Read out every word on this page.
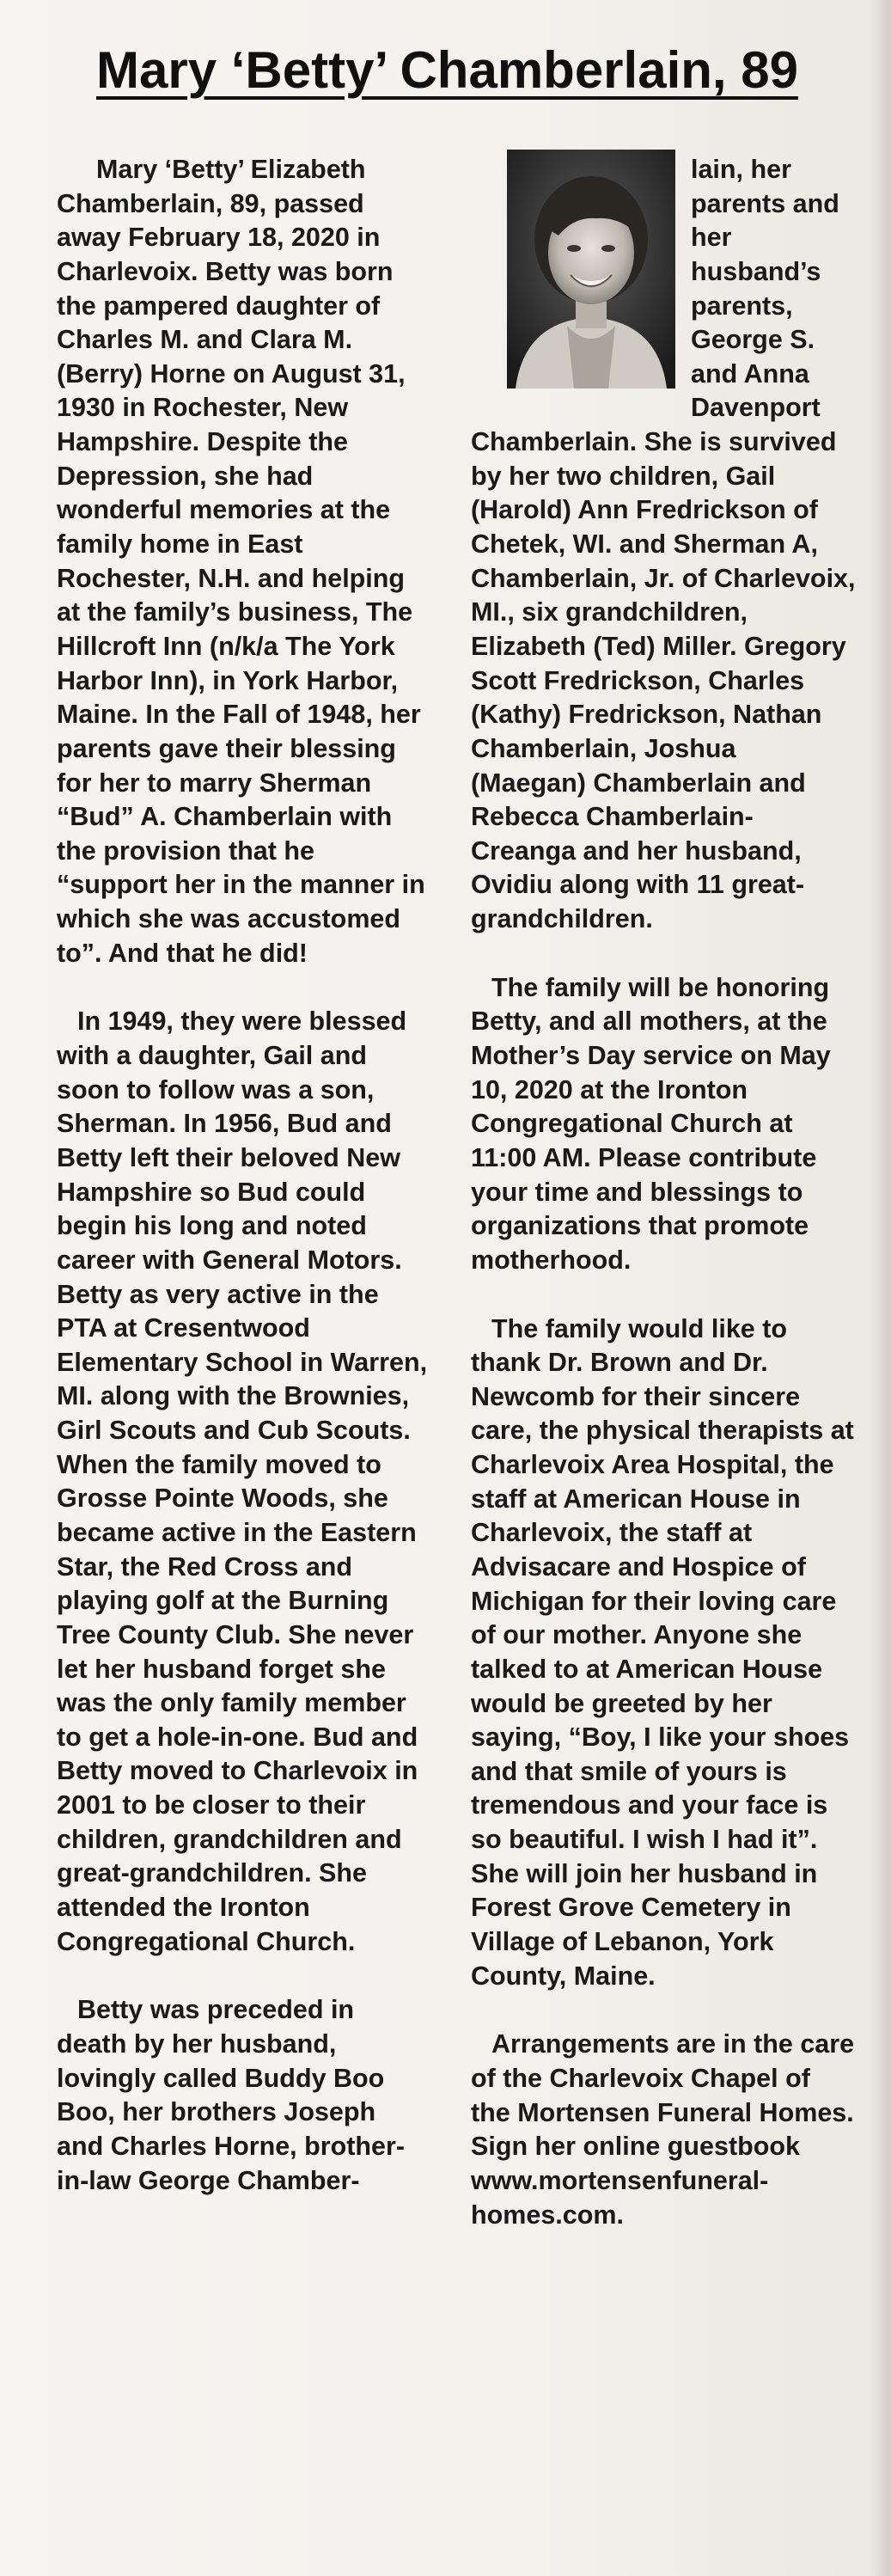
Mary ‘Betty’ Chamberlain, 89

Mary ‘Betty’ Elizabeth Chamberlain, 89, passed away February 18, 2020 in Charlevoix. Betty was born the pampered daughter of Charles M. and Clara M. (Berry) Horne on August 31, 1930 in Rochester, New Hampshire. Despite the Depression, she had wonderful memories at the family home in East Rochester, N.H. and helping at the family’s business, The Hillcroft Inn (n/k/a The York Harbor Inn), in York Harbor, Maine. In the Fall of 1948, her parents gave their blessing for her to marry Sherman “Bud” A. Chamberlain with the provision that he “support her in the manner in which she was accustomed to”. And that he did!

In 1949, they were blessed with a daughter, Gail and soon to follow was a son, Sherman. In 1956, Bud and Betty left their beloved New Hampshire so Bud could begin his long and noted career with General Motors. Betty as very active in the PTA at Cresentwood Elementary School in Warren, MI. along with the Brownies, Girl Scouts and Cub Scouts. When the family moved to Grosse Pointe Woods, she became active in the Eastern Star, the Red Cross and playing golf at the Burning Tree County Club. She never let her husband forget she was the only family member to get a hole-in-one. Bud and Betty moved to Charlevoix in 2001 to be closer to their children, grandchildren and great-grandchildren. She attended the Ironton Congregational Church.

Betty was preceded in death by her husband, lovingly called Buddy Boo Boo, her brothers Joseph and Charles Horne, brother-in-law George Chamber-

lain, her parents and her husband’s parents, George S. and Anna Davenport Chamberlain. She is survived by her two children, Gail (Harold) Ann Fredrickson of Chetek, WI. and Sherman A, Chamberlain, Jr. of Charlevoix, MI., six grandchildren, Elizabeth (Ted) Miller. Gregory Scott Fredrickson, Charles (Kathy) Fredrickson, Nathan Chamberlain, Joshua (Maegan) Chamberlain and Rebecca Chamberlain-Creanga and her husband, Ovidiu along with 11 great-grandchildren.

The family will be honoring Betty, and all mothers, at the Mother’s Day service on May 10, 2020 at the Ironton Congregational Church at 11:00 AM. Please contribute your time and blessings to organizations that promote motherhood.

The family would like to thank Dr. Brown and Dr. Newcomb for their sincere care, the physical therapists at Charlevoix Area Hospital, the staff at American House in Charlevoix, the staff at Advisacare and Hospice of Michigan for their loving care of our mother. Anyone she talked to at American House would be greeted by her saying, “Boy, I like your shoes and that smile of yours is tremendous and your face is so beautiful. I wish I had it”. She will join her husband in Forest Grove Cemetery in Village of Lebanon, York County, Maine.

Arrangements are in the care of the Charlevoix Chapel of the Mortensen Funeral Homes. Sign her online guestbook www.mortensenfuneral-homes.com.
